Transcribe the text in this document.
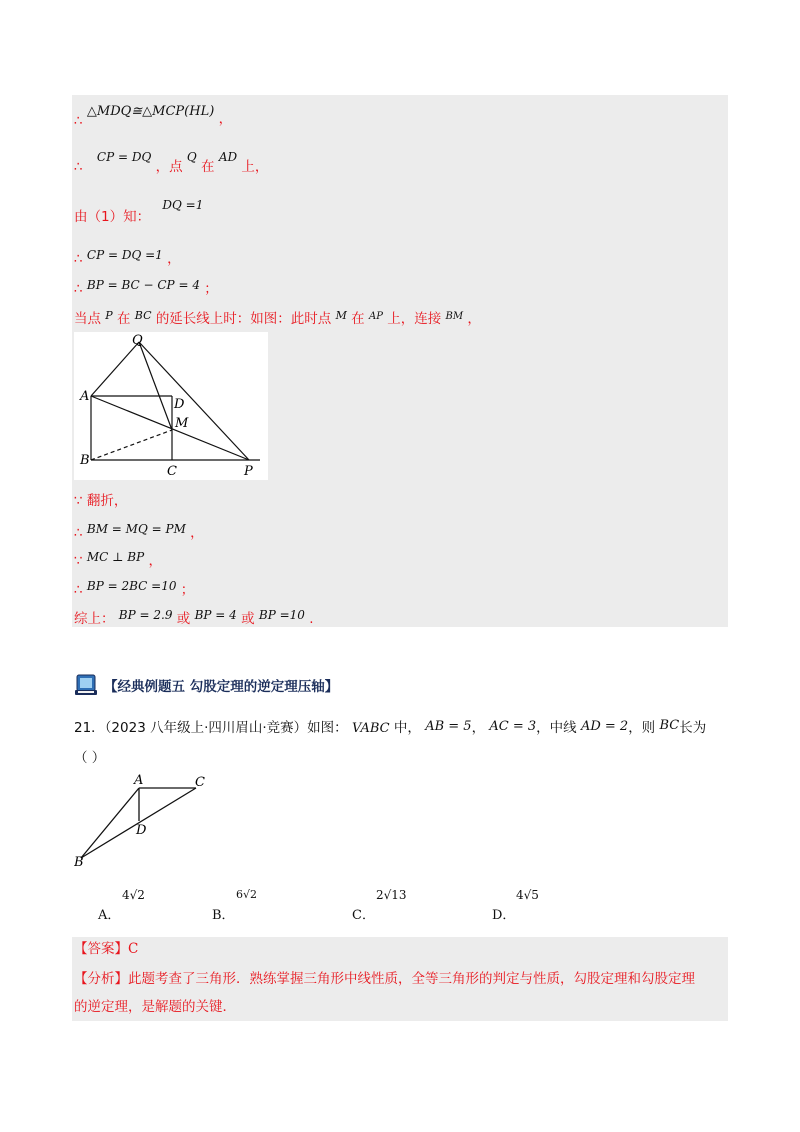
∴ △MDQ≅△MCP(HL) ，
∴ CP = DQ ，点 Q 在 AD 上，
由（1）知： DQ =1
∴ CP = DQ =1 ，
∴ BP = BC − CP = 4 ；
当点 P 在 BC 的延长线上时：如图：此时点 M 在 AP 上，连接 BM ，
Q
A
D
M
B
C	P
∵ 翻折，
∴ BM = MQ = PM ，
∵ MC ⊥ BP ，
∴ BP = 2BC =10 ；
综上： BP = 2.9 或 BP = 4 或 BP =10 .
【经典例题五 勾股定理的逆定理压轴】
21．（2023 八年级上·四川眉山·竞赛）如图： VABC 中， AB = 5， AC = 3，中线 AD = 2，则 BC长为
（ ）
A	C
D
B
A．
4√2
B．
6√2
C．
2√13
D．
4√5
【答案】C
【分析】此题考查了三角形．熟练掌握三角形中线性质，全等三角形的判定与性质，勾股定理和勾股定理
的逆定理，是解题的关键．
